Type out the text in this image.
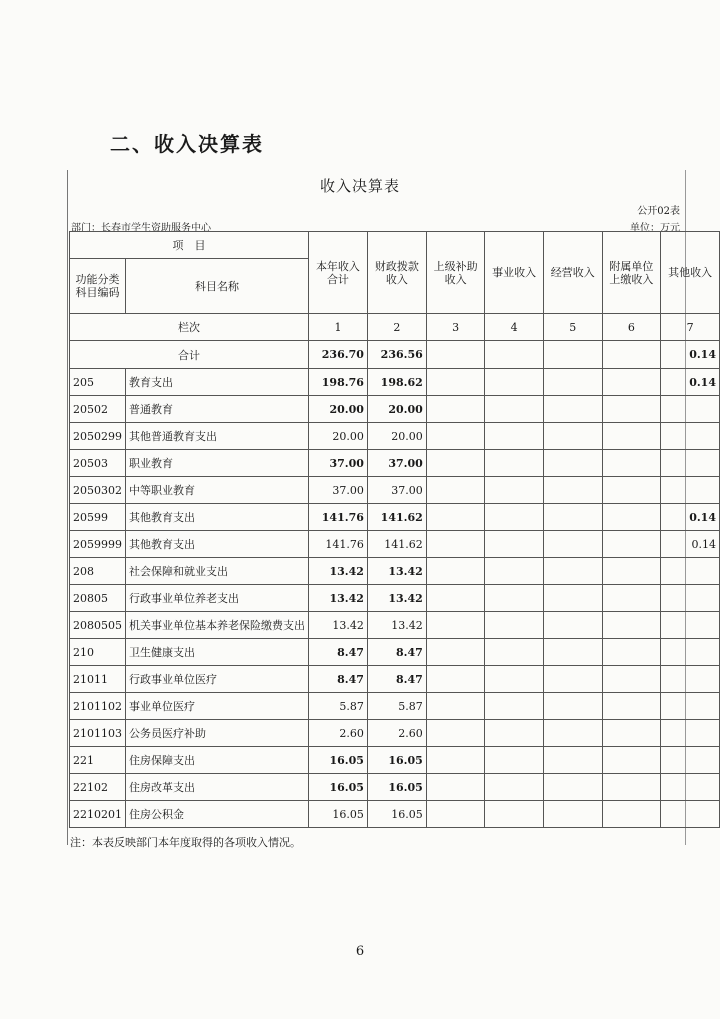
二、收入决算表
收入决算表
公开02表
部门：长春市学生资助服务中心	单位：万元
项　目		本年收入合计	财政拨款收入	上级补助收入	事业收入	经营收入	附属单位上缴收入	其他收入
功能分类科目编码	科目名称							
栏次		1	2	3	4	5	6	7
合计		236.70	236.56					0.14
205	教育支出	198.76	198.62					0.14
20502	普通教育	20.00	20.00					
2050299	其他普通教育支出	20.00	20.00					
20503	职业教育	37.00	37.00					
2050302	中等职业教育	37.00	37.00					
20599	其他教育支出	141.76	141.62					0.14
2059999	其他教育支出	141.76	141.62					0.14
208	社会保障和就业支出	13.42	13.42					
20805	行政事业单位养老支出	13.42	13.42					
2080505	机关事业单位基本养老保险缴费支出	13.42	13.42					
210	卫生健康支出	8.47	8.47					
21011	行政事业单位医疗	8.47	8.47					
2101102	事业单位医疗	5.87	5.87					
2101103	公务员医疗补助	2.60	2.60					
221	住房保障支出	16.05	16.05					
22102	住房改革支出	16.05	16.05					
2210201	住房公积金	16.05	16.05					
注：本表反映部门本年度取得的各项收入情况。
6
